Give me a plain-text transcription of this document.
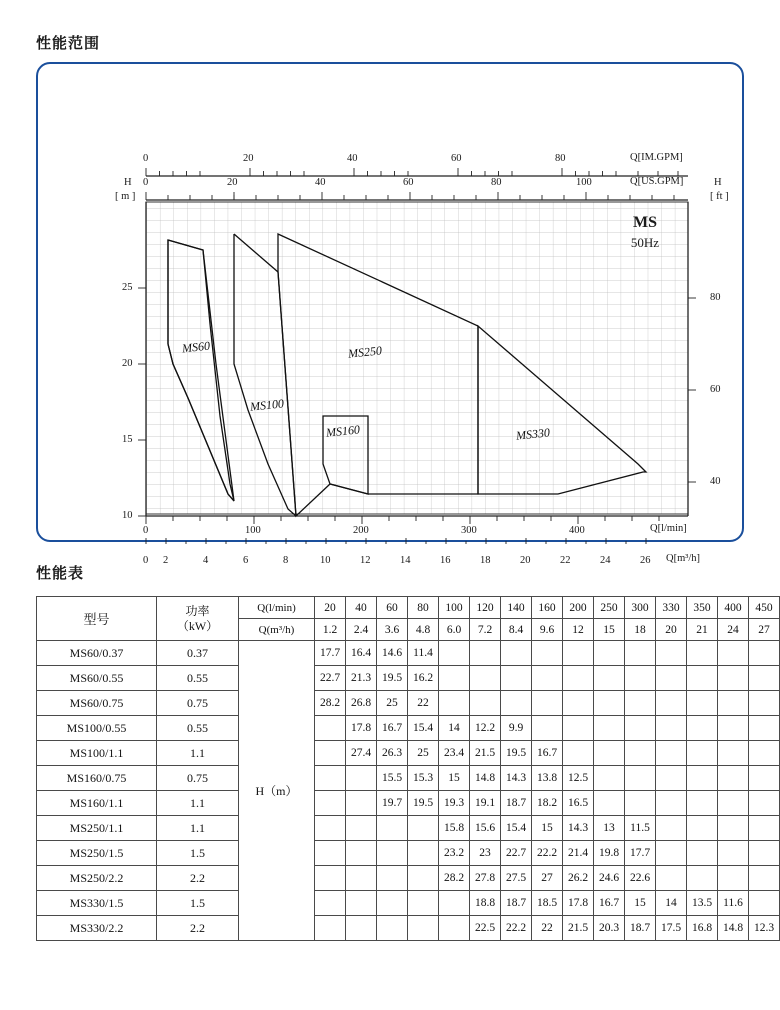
性能范围
0	20	40	60	80	Q[IM.GPM]
0	20	40	60	80	100	Q[US.GPM]
H
[ m ]
25
20
15
10
H
[ ft ]
80
60
40
0	100	200	300	400	Q[l/min]
0 2	4	6	8	10	12	14	16	18	20	22	24	26 Q[m³/h]
MS60
MS100
MS160
MS250
MS330
MS
50Hz
性能表
型号	功率
（kW）	Q(l/min)	20	40	60	80	100	120	140	160	200	250	300	330	350	400	450
		Q(m³/h)	1.2	2.4	3.6	4.8	6.0	7.2	8.4	9.6	12	15	18	20	21	24	27
MS60/0.37	0.37	H（m）	17.7	16.4	14.6	11.4											
MS60/0.55	0.55		22.7	21.3	19.5	16.2											
MS60/0.75	0.75		28.2	26.8	25	22											
MS100/0.55	0.55			17.8	16.7	15.4	14	12.2	9.9								
MS100/1.1	1.1			27.4	26.3	25	23.4	21.5	19.5	16.7							
MS160/0.75	0.75				15.5	15.3	15	14.8	14.3	13.8	12.5						
MS160/1.1	1.1				19.7	19.5	19.3	19.1	18.7	18.2	16.5						
MS250/1.1	1.1						15.8	15.6	15.4	15	14.3	13	11.5				
MS250/1.5	1.5						23.2	23	22.7	22.2	21.4	19.8	17.7				
MS250/2.2	2.2						28.2	27.8	27.5	27	26.2	24.6	22.6				
MS330/1.5	1.5							18.8	18.7	18.5	17.8	16.7	15	14	13.5	11.6	
MS330/2.2	2.2							22.5	22.2	22	21.5	20.3	18.7	17.5	16.8	14.8	12.3
